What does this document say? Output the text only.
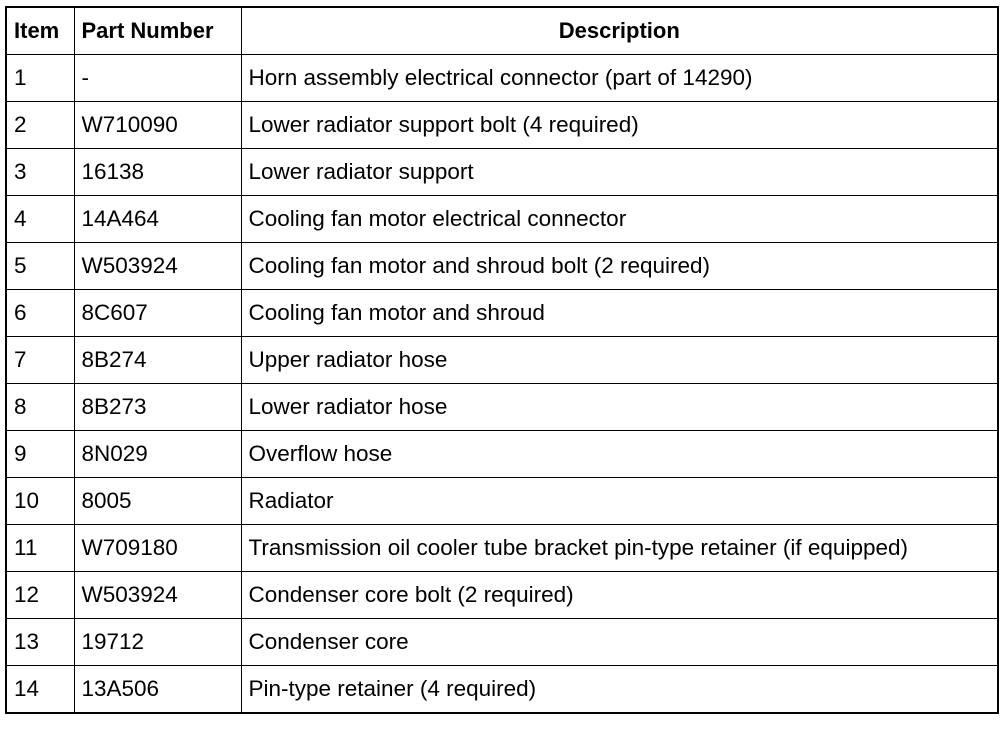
Item	Part Number	Description
1	-	Horn assembly electrical connector (part of 14290)
2	W710090	Lower radiator support bolt (4 required)
3	16138	Lower radiator support
4	14A464	Cooling fan motor electrical connector
5	W503924	Cooling fan motor and shroud bolt (2 required)
6	8C607	Cooling fan motor and shroud
7	8B274	Upper radiator hose
8	8B273	Lower radiator hose
9	8N029	Overflow hose
10	8005	Radiator
11	W709180	Transmission oil cooler tube bracket pin-type retainer (if equipped)
12	W503924	Condenser core bolt (2 required)
13	19712	Condenser core
14	13A506	Pin-type retainer (4 required)
